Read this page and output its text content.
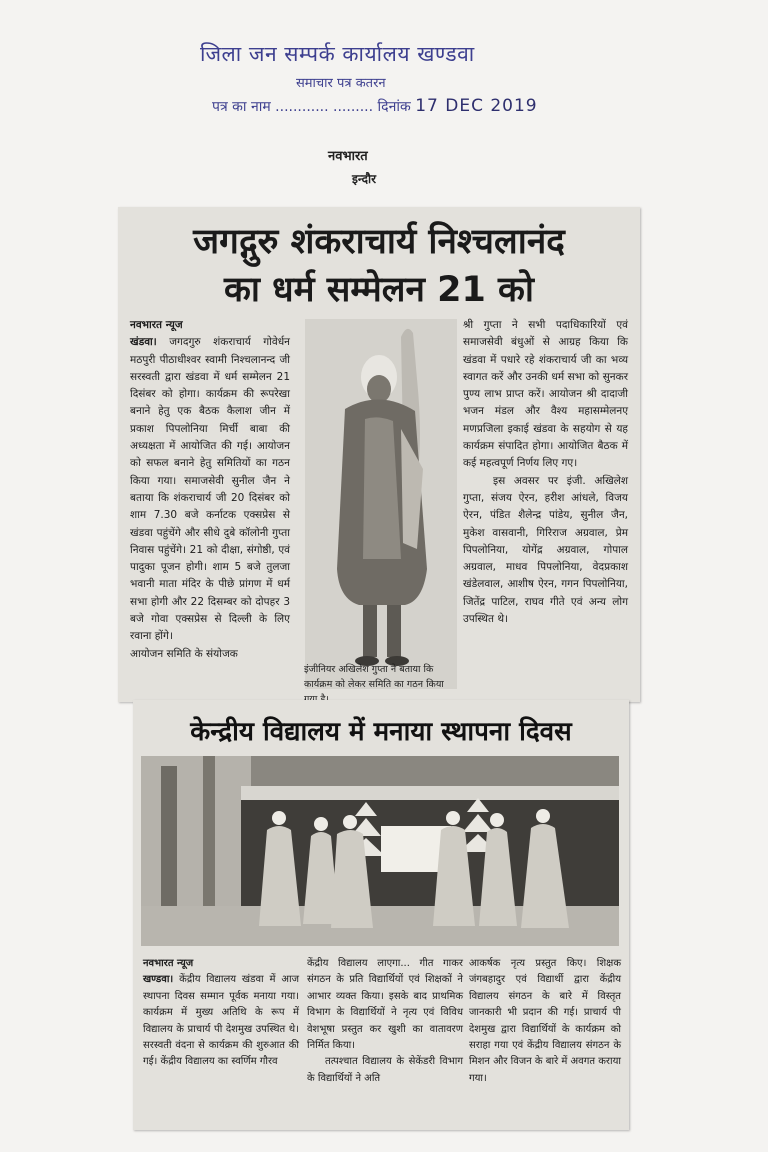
जिला जन सम्पर्क कार्यालय खण्डवा
समाचार पत्र कतरन
पत्र का नाम ............ ......... दिनांक 17 DEC 2019
नवभारत
इन्दौर
जगद्गुरु शंकराचार्य निश्चलानंद
का धर्म सम्मेलन 21 को
नवभारत न्यूज

खंडवा। जगदगुरु शंकराचार्य गोवेर्धन मठपुरी पीठाधीश्वर स्वामी निश्चलानन्द जी सरस्वती द्वारा खंडवा में धर्म सम्मेलन 21 दिसंबर को होगा। कार्यक्रम की रूपरेखा बनाने हेतु एक बैठक कैलाश जीन में प्रकाश पिपलोनिया मिर्ची बाबा की अध्यक्षता में आयोजित की गई। आयोजन को सफल बनाने हेतु समितियों का गठन किया गया। समाजसेवी सुनील जैन ने बताया कि शंकराचार्य जी 20 दिसंबर को शाम 7.30 बजे कर्नाटक एक्सप्रेस से खंडवा पहुंचेंगे और सीधे दुबे कॉलोनी गुप्ता निवास पहुंचेंगे। 21 को दीक्षा, संगोष्ठी, एवं पादुका पूजन होगी। शाम 5 बजे तुलजा भवानी माता मंदिर के पीछे प्रांगण में धर्म सभा होगी और 22 दिसम्बर को दोपहर 3 बजे गोवा एक्सप्रेस से दिल्ली के लिए रवाना होंगे।

आयोजन समिति के संयोजक

इंजीनियर अखिलेश गुप्ता ने बताया कि कार्यक्रम को लेकर समिति का गठन किया

श्री गुप्ता ने सभी पदाधिकारियों एवं समाजसेवी बंधुओं से आग्रह किया कि खंडवा में पधारे रहे शंकराचार्य जी का भव्य स्वागत करें और उनकी धर्म सभा को सुनकर पुण्य लाभ प्राप्त करें। आयोजन श्री दादाजी भजन मंडल और वैश्य महासम्मेलनए मणप्रजिला इकाई खंडवा के सहयोग से यह कार्यक्रम संपादित होगा। आयोजित बैठक में कई महत्वपूर्ण निर्णय लिए गए।

इस अवसर पर इंजी. अखिलेश गुप्ता, संजय ऐरन, हरीश आंधले, विजय ऐरन, पंडित शैलेन्द्र पांडेय, सुनील जैन, मुकेश वासवानी, गिरिराज अग्रवाल, प्रेम पिपलोनिया, योगेंद्र अग्रवाल, गोपाल अग्रवाल, माधव पिपलोनिया, वेदप्रकाश खंडेलवाल, आशीष ऐरन, गगन पिपलोनिया, जितेंद्र पाटिल, राघव गीते एवं अन्य लोग उपस्थित थे।

केन्द्रीय विद्यालय में मनाया स्थापना दिवस
नवभारत न्यूज

खण्डवा। केंद्रीय विद्यालय खंडवा में आज स्थापना दिवस सम्मान पूर्वक मनाया गया। कार्यक्रम में मुख्य अतिथि के रूप में विद्यालय के प्राचार्य पी देशमुख उपस्थित थे। सरस्वती वंदना से कार्यक्रम की शुरुआत की गई। केंद्रीय विद्यालय का स्वर्णिम गौरव

केंद्रीय विद्यालय लाएगा... गीत गाकर संगठन के प्रति विद्यार्थियों एवं शिक्षकों ने आभार व्यक्त किया। इसके बाद प्राथमिक विभाग के विद्यार्थियों ने नृत्य एवं विविध वेशभूषा प्रस्तुत कर खुशी का वातावरण निर्मित किया।

तत्पश्चात विद्यालय के सेकेंडरी विभाग के विद्यार्थियों ने अति

आकर्षक नृत्य प्रस्तुत किए। शिक्षक जंगबहादुर एवं विद्यार्थी द्वारा केंद्रीय विद्यालय संगठन के बारे में विस्तृत जानकारी भी प्रदान की गई। प्राचार्य पी देशमुख द्वारा विद्यार्थियों के कार्यक्रम को सराहा गया एवं केंद्रीय विद्यालय संगठन के मिशन और विजन के बारे में अवगत कराया गया।
